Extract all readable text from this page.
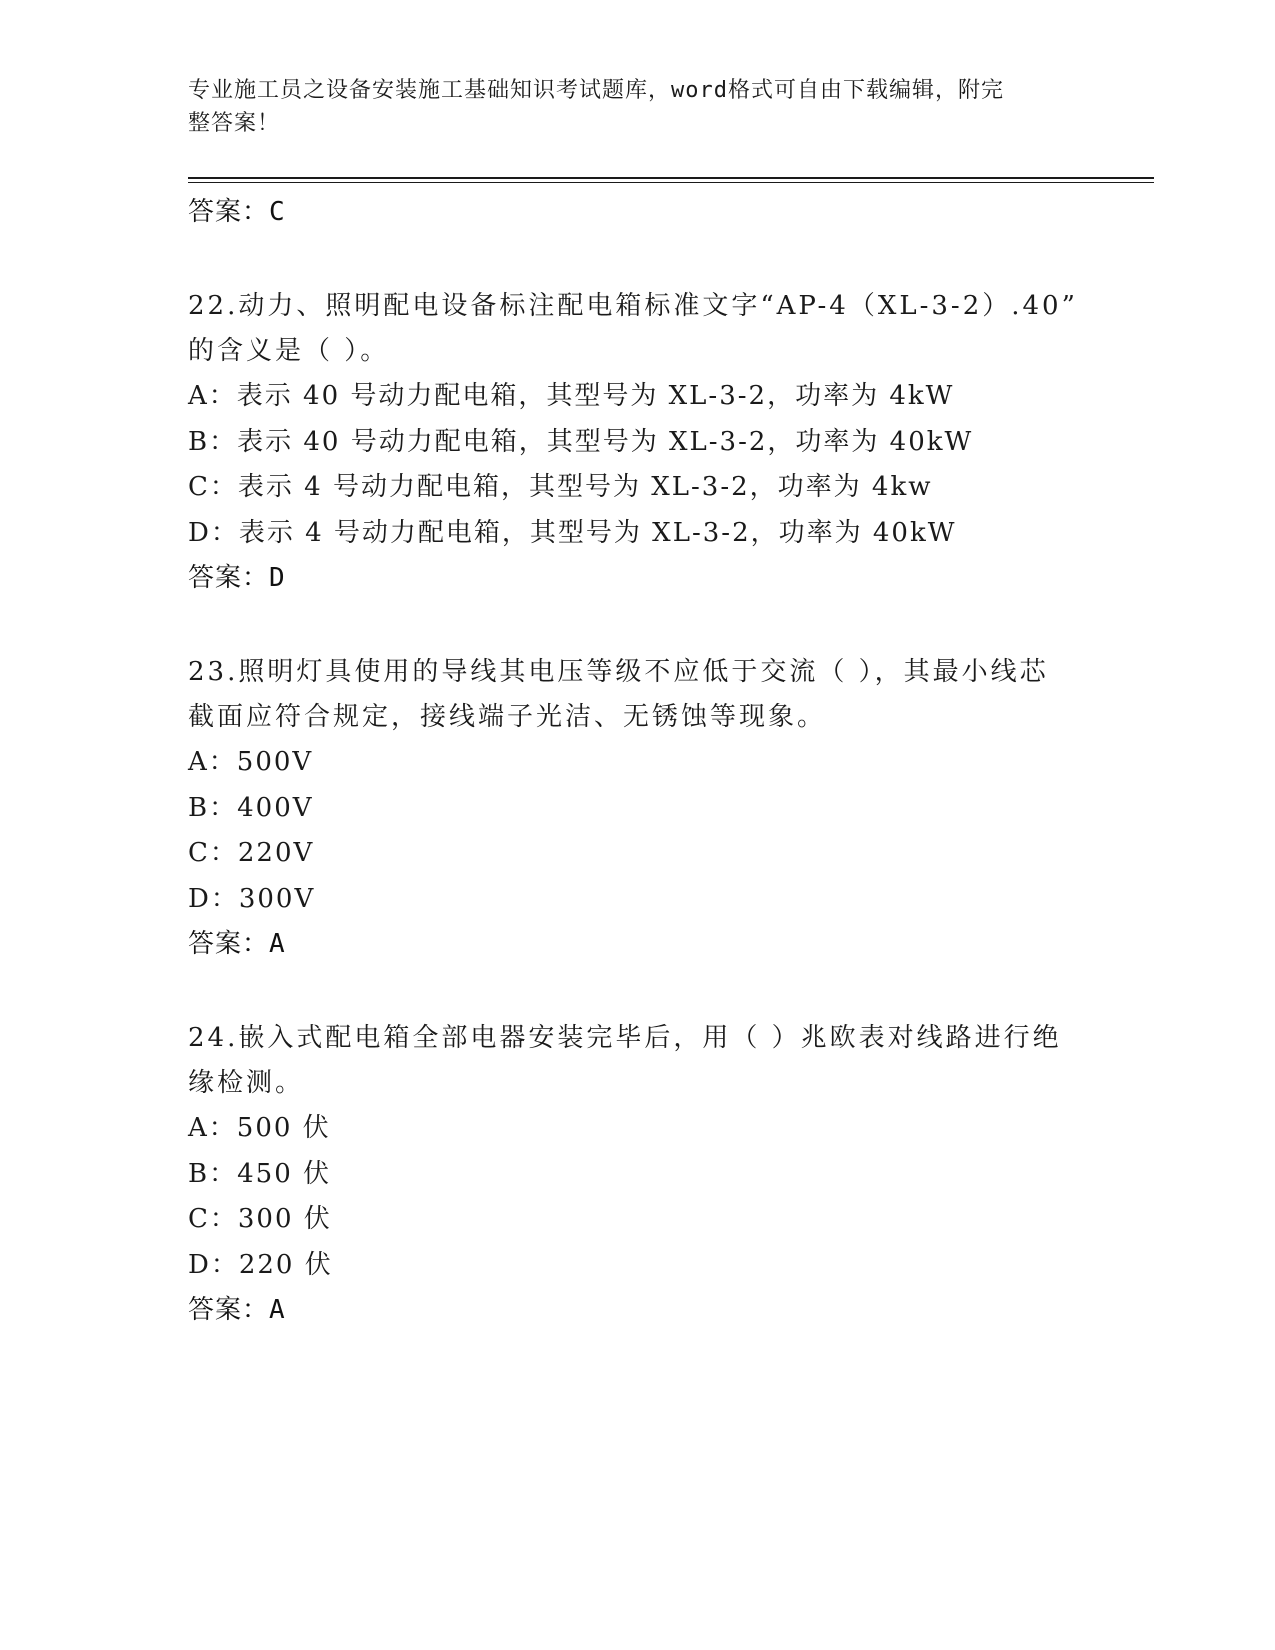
专业施工员之设备安装施工基础知识考试题库，word格式可自由下载编辑，附完
整答案！
答案：C
22.动力、照明配电设备标注配电箱标准文字“AP-4（XL-3-2）.40”
的含义是（ ）。
A：表示 40 号动力配电箱，其型号为 XL-3-2，功率为 4kW
B：表示 40 号动力配电箱，其型号为 XL-3-2，功率为 40kW
C：表示 4 号动力配电箱，其型号为 XL-3-2，功率为 4kw
D：表示 4 号动力配电箱，其型号为 XL-3-2，功率为 40kW
答案：D
23.照明灯具使用的导线其电压等级不应低于交流（ ），其最小线芯
截面应符合规定，接线端子光洁、无锈蚀等现象。
A：500V
B：400V
C：220V
D：300V
答案：A
24.嵌入式配电箱全部电器安装完毕后，用（ ）兆欧表对线路进行绝
缘检测。
A：500 伏
B：450 伏
C：300 伏
D：220 伏
答案：A
